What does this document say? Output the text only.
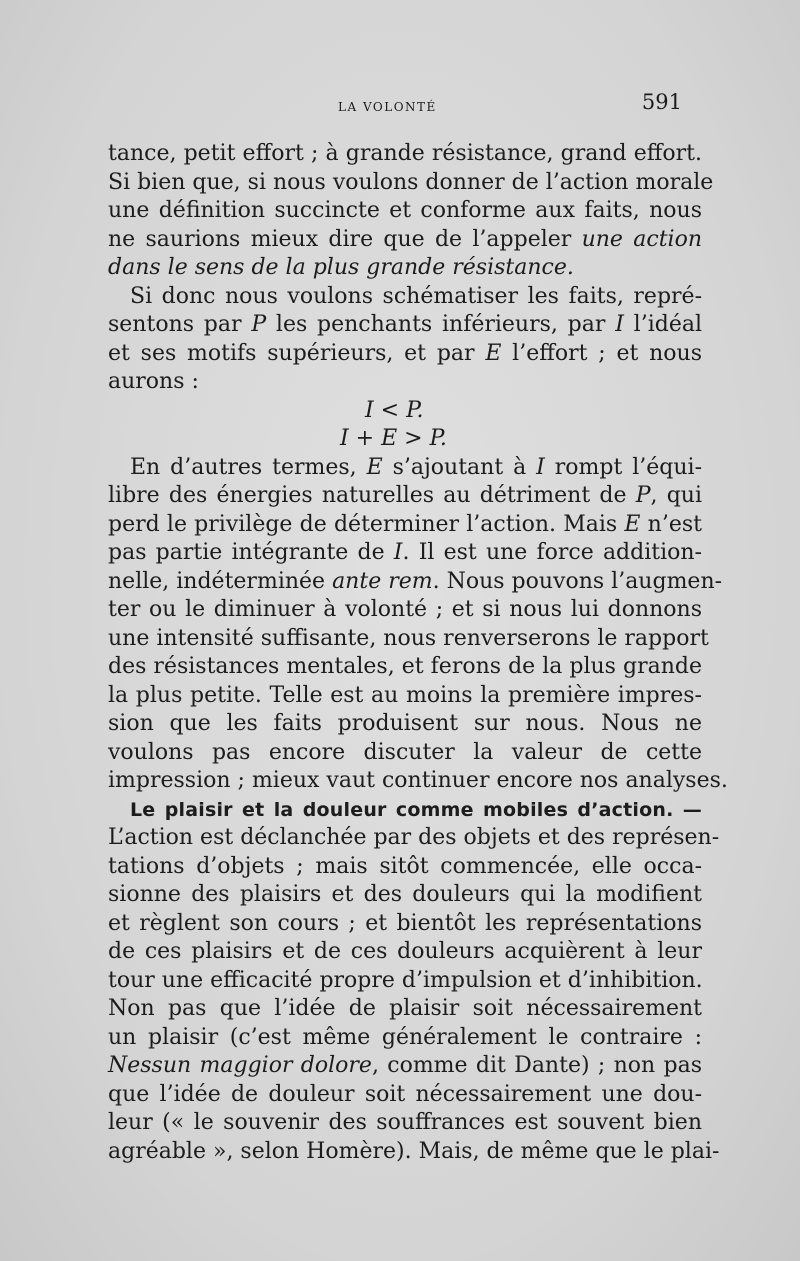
LA VOLONTÉ	591
tance, petit effort ; à grande résistance, grand effort.
Si bien que, si nous voulons donner de l’action morale
une définition succincte et conforme aux faits, nous
ne saurions mieux dire que de l’appeler une action
dans le sens de la plus grande résistance.
Si donc nous voulons schématiser les faits, repré-
sentons par P les penchants inférieurs, par I l’idéal
et ses motifs supérieurs, et par E l’effort ; et nous
aurons :
I < P.
I + E > P.
En d’autres termes, E s’ajoutant à I rompt l’équi-
libre des énergies naturelles au détriment de P, qui
perd le privilège de déterminer l’action. Mais E n’est
pas partie intégrante de I. Il est une force addition-
nelle, indéterminée ante rem. Nous pouvons l’augmen-
ter ou le diminuer à volonté ; et si nous lui donnons
une intensité suffisante, nous renverserons le rapport
des résistances mentales, et ferons de la plus grande
la plus petite. Telle est au moins la première impres-
sion que les faits produisent sur nous. Nous ne
voulons pas encore discuter la valeur de cette
impression ; mieux vaut continuer encore nos analyses.
Le plaisir et la douleur comme mobiles d’action. —
L’action est déclanchée par des objets et des représen-
tations d’objets ; mais sitôt commencée, elle occa-
sionne des plaisirs et des douleurs qui la modifient
et règlent son cours ; et bientôt les représentations
de ces plaisirs et de ces douleurs acquièrent à leur
tour une efficacité propre d’impulsion et d’inhibition.
Non pas que l’idée de plaisir soit nécessairement
un plaisir (c’est même généralement le contraire :
Nessun maggior dolore, comme dit Dante) ; non pas
que l’idée de douleur soit nécessairement une dou-
leur (« le souvenir des souffrances est souvent bien
agréable », selon Homère). Mais, de même que le plai-
